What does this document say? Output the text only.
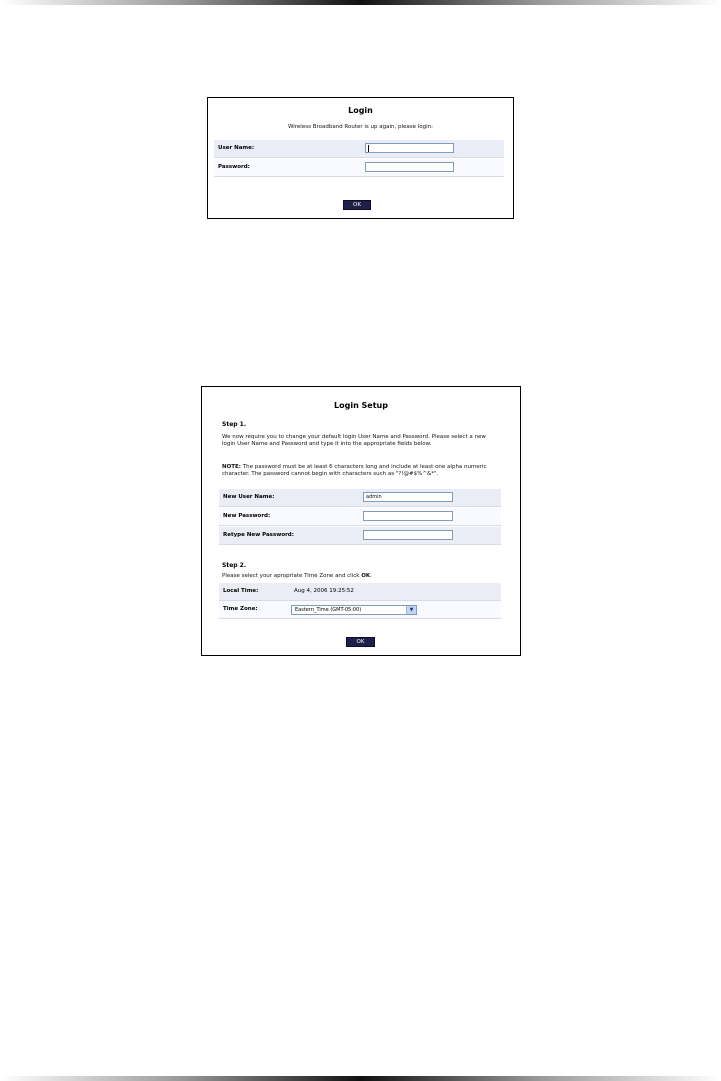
Login
Wireless Broadband Router is up again, please login:
User Name:
Password:
OK
Login Setup
Step 1.
We now require you to change your default login User Name and Password. Please select a new login User Name and Password and type it into the appropriate fields below.
NOTE: The password must be at least 6 characters long and include at least one alpha numeric character. The password cannot begin with characters such as "?!@#$%^&*".
New User Name:	admin
New Password:
Retype New Password:
Step 2.
Please select your apropriate Time Zone and click OK.
Local Time:	Aug 4, 2006 19:25:52
Time Zone:	Eastern_Time (GMT-05:00)	▼
OK
